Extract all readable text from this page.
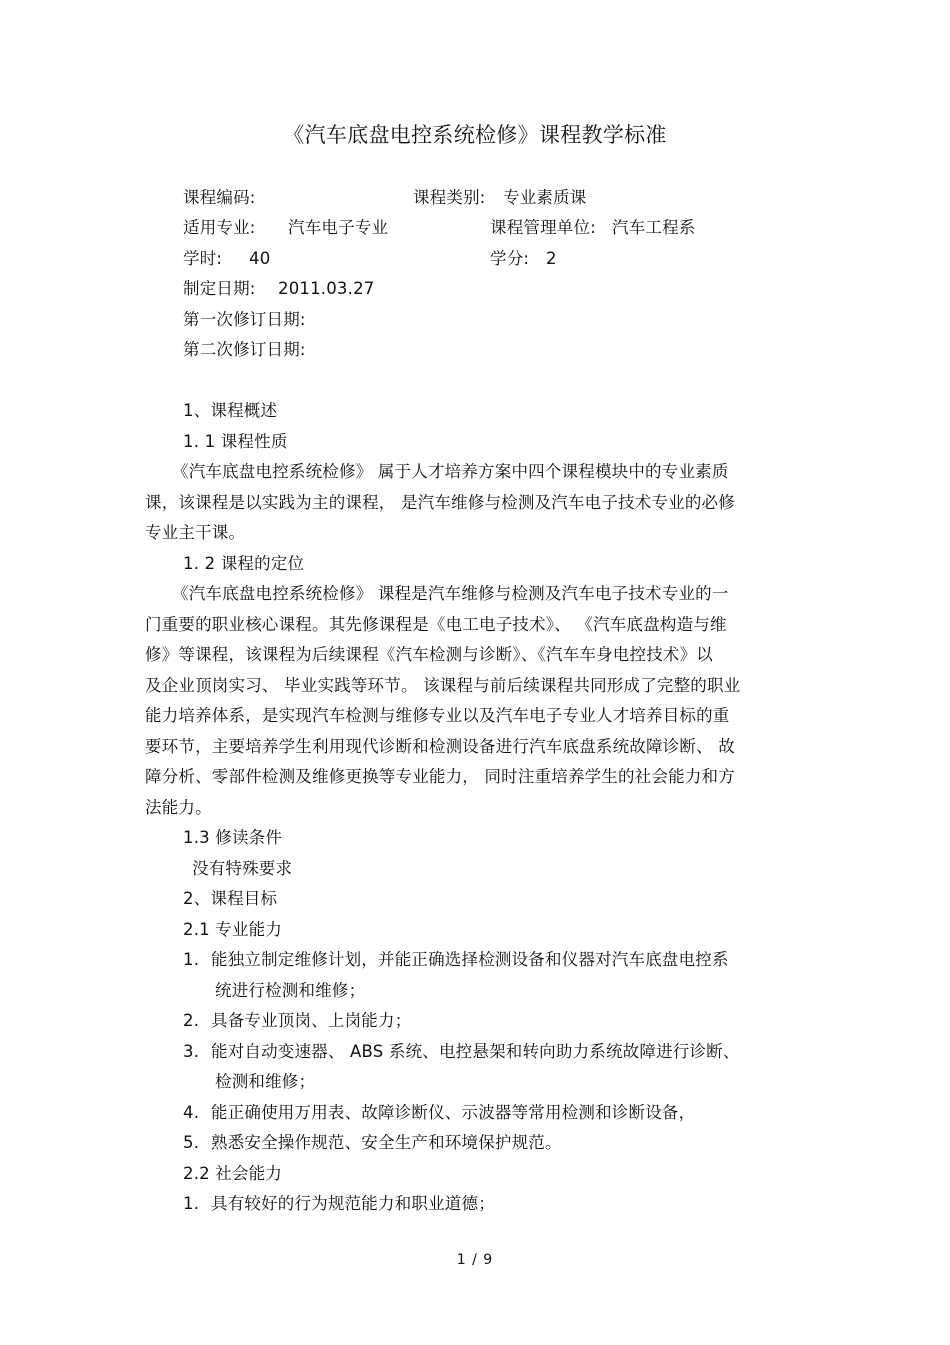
《汽车底盘电控系统检修》课程教学标准
课程编码:	课程类别: 专业素质课
适用专业: 汽车电子专业	课程管理单位: 汽车工程系
学时: 40	学分: 2
制定日期: 2011.03.27
第一次修订日期:
第二次修订日期:
1、课程概述
1. 1 课程性质
《汽车底盘电控系统检修》 属于人才培养方案中四个课程模块中的专业素质
课，该课程是以实践为主的课程， 是汽车维修与检测及汽车电子技术专业的必修
专业主干课。
1. 2 课程的定位
《汽车底盘电控系统检修》 课程是汽车维修与检测及汽车电子技术专业的一
门重要的职业核心课程。其先修课程是《电工电子技术》、 《汽车底盘构造与维
修》等课程，该课程为后续课程《汽车检测与诊断》、《汽车车身电控技术》以
及企业顶岗实习、 毕业实践等环节。 该课程与前后续课程共同形成了完整的职业
能力培养体系，是实现汽车检测与维修专业以及汽车电子专业人才培养目标的重
要环节，主要培养学生利用现代诊断和检测设备进行汽车底盘系统故障诊断、 故
障分析、零部件检测及维修更换等专业能力， 同时注重培养学生的社会能力和方
法能力。
1.3 修读条件
没有特殊要求
2、课程目标
2.1 专业能力
1. 能独立制定维修计划，并能正确选择检测设备和仪器对汽车底盘电控系
统进行检测和维修；
2. 具备专业顶岗、上岗能力；
3. 能对自动变速器、 ABS 系统、电控悬架和转向助力系统故障进行诊断、
检测和维修；
4. 能正确使用万用表、故障诊断仪、示波器等常用检测和诊断设备，
5. 熟悉安全操作规范、安全生产和环境保护规范。
2.2 社会能力
1. 具有较好的行为规范能力和职业道德；
1 / 9
